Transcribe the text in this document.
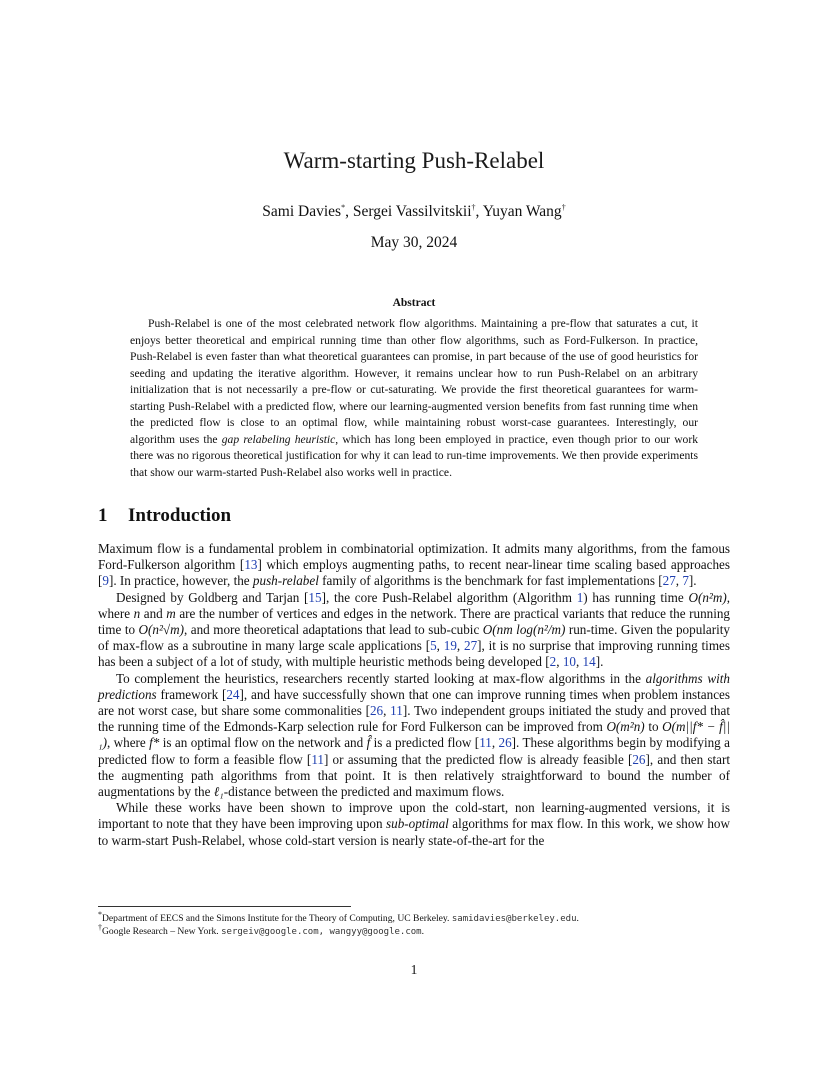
Warm-starting Push-Relabel
Sami Davies*, Sergei Vassilvitskii†, Yuyan Wang†
May 30, 2024
Abstract
Push-Relabel is one of the most celebrated network flow algorithms. Maintaining a pre-flow that saturates a cut, it enjoys better theoretical and empirical running time than other flow algorithms, such as Ford-Fulkerson. In practice, Push-Relabel is even faster than what theoretical guarantees can promise, in part because of the use of good heuristics for seeding and updating the iterative algorithm. However, it remains unclear how to run Push-Relabel on an arbitrary initialization that is not necessarily a pre-flow or cut-saturating. We provide the first theoretical guarantees for warm-starting Push-Relabel with a predicted flow, where our learning-augmented version benefits from fast running time when the predicted flow is close to an optimal flow, while maintaining robust worst-case guarantees. Interestingly, our algorithm uses the gap relabeling heuristic, which has long been employed in practice, even though prior to our work there was no rigorous theoretical justification for why it can lead to run-time improvements. We then provide experiments that show our warm-started Push-Relabel also works well in practice.
1 Introduction

Maximum flow is a fundamental problem in combinatorial optimization. It admits many algorithms, from the famous Ford-Fulkerson algorithm [13] which employs augmenting paths, to recent near-linear time scaling based approaches [9]. In practice, however, the push-relabel family of algorithms is the benchmark for fast implementations [27, 7].

Designed by Goldberg and Tarjan [15], the core Push-Relabel algorithm (Algorithm 1) has running time O(n²m), where n and m are the number of vertices and edges in the network. There are practical variants that reduce the running time to O(n²√m), and more theoretical adaptations that lead to sub-cubic O(nm log(n²/m) run-time. Given the popularity of max-flow as a subroutine in many large scale applications [5, 19, 27], it is no surprise that improving running times has been a subject of a lot of study, with multiple heuristic methods being developed [2, 10, 14].

To complement the heuristics, researchers recently started looking at max-flow algorithms in the algorithms with predictions framework [24], and have successfully shown that one can improve running times when problem instances are not worst case, but share some commonalities [26, 11]. Two independent groups initiated the study and proved that the running time of the Edmonds-Karp selection rule for Ford Fulkerson can be improved from O(m²n) to O(m||f* − f̂||₁), where f* is an optimal flow on the network and f̂ is a predicted flow [11, 26]. These algorithms begin by modifying a predicted flow to form a feasible flow [11] or assuming that the predicted flow is already feasible [26], and then start the augmenting path algorithms from that point. It is then relatively straightforward to bound the number of augmentations by the ℓ₁-distance between the predicted and maximum flows.

While these works have been shown to improve upon the cold-start, non learning-augmented versions, it is important to note that they have been improving upon sub-optimal algorithms for max flow. In this work, we show how to warm-start Push-Relabel, whose cold-start version is nearly state-of-the-art for the

*Department of EECS and the Simons Institute for the Theory of Computing, UC Berkeley. samidavies@berkeley.edu.
†Google Research – New York. sergeiv@google.com, wangyy@google.com.
1
